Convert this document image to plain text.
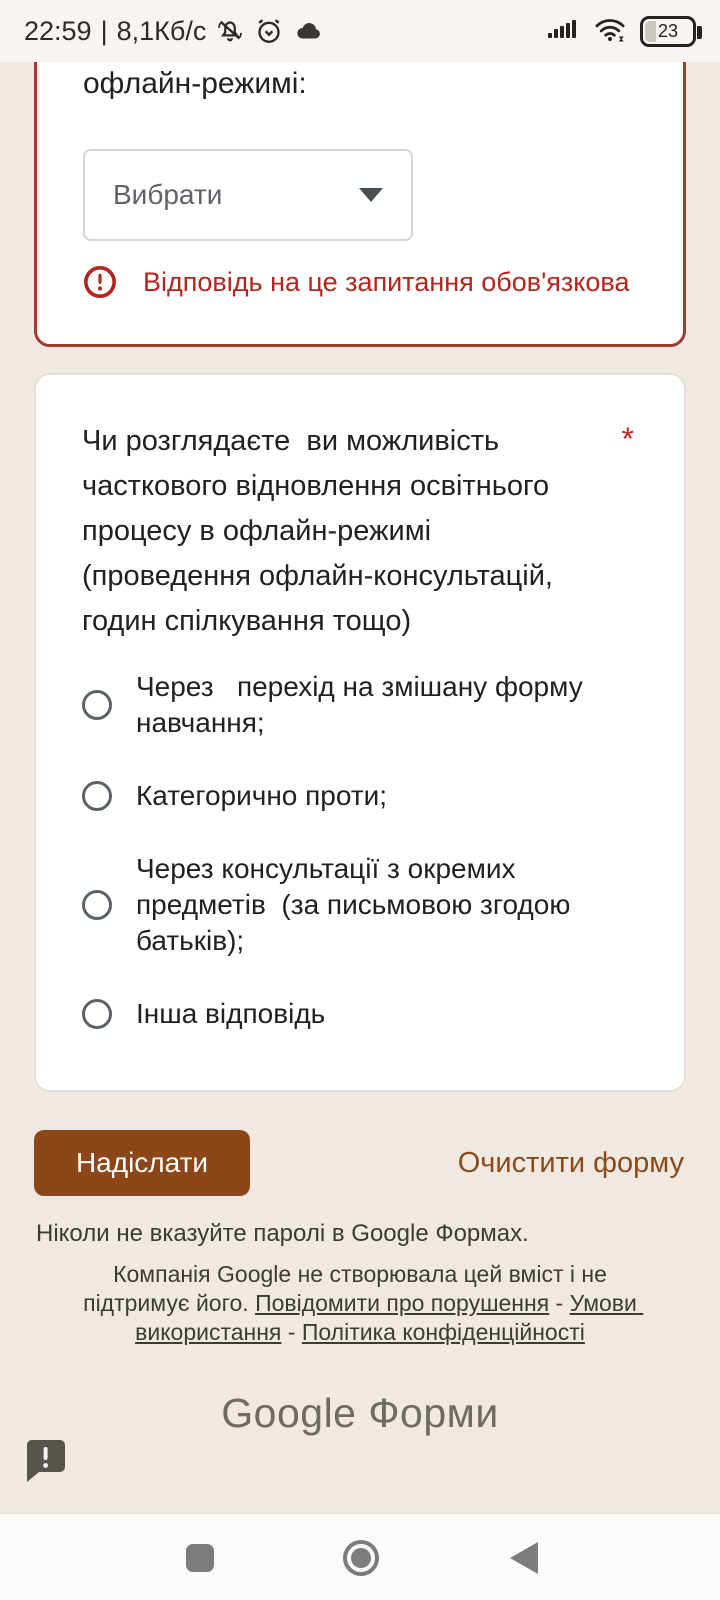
22:59 | 8,1Кб/с	23
офлайн-режимі:
Вибрати
Відповідь на це запитання обов'язкова
Чи розглядаєте  ви можливість часткового відновлення освітнього процесу в офлайн-режимі (проведення офлайн-консультацій, годин спілкування тощо)
*
Через   перехід на змішану форму навчання;
Категорично проти;
Через консультації з окремих предметів  (за письмовою згодою батьків);
Інша відповідь
Надіслати	Очистити форму
Ніколи не вказуйте паролі в Google Формах.
Компанія Google не створювала цей вміст і не підтримує його. Повідомити про порушення - Умови використання - Політика конфіденційності
Google Форми
